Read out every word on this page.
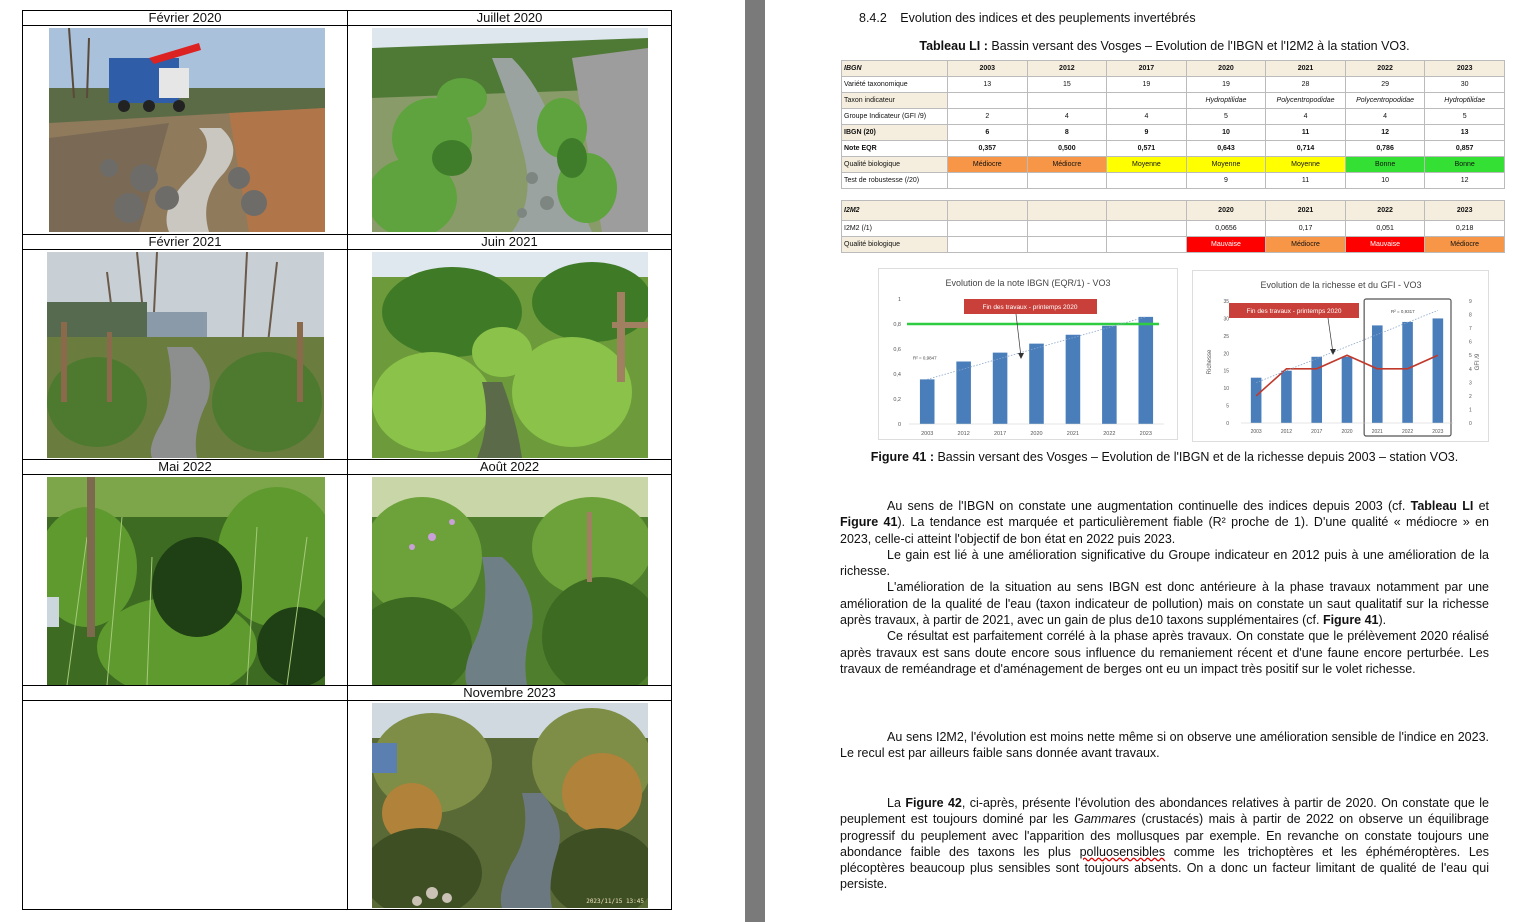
Février 2020	Juillet 2020

Février 2021	Juin 2021

Mai 2022	Août 2022

	Novembre 2023

	2023/11/15 13:45
8.4.2 Evolution des indices et des peuplements invertébrés
Tableau LI : Bassin versant des Vosges – Evolution de l'IBGN et l'I2M2 à la station VO3.
IBGN	2003	2012	2017	2020	2021	2022	2023
Variété taxonomique	13	15	19	19	28	29	30
Taxon indicateur				Hydroptilidae	Polycentropodidae	Polycentropodidae	Hydroptilidae
Groupe Indicateur (GFI /9)	2	4	4	5	4	4	5
IBGN (20)	6	8	9	10	11	12	13
Note EQR	0,357	0,500	0,571	0,643	0,714	0,786	0,857
Qualité biologique	Médiocre	Médiocre	Moyenne	Moyenne	Moyenne	Bonne	Bonne
Test de robustesse (/20)				9	11	10	12
I2M2				2020	2021	2022	2023
I2M2 (/1)				0,0656	0,17	0,051	0,218
Qualité biologique				Mauvaise	Médiocre	Mauvaise	Médiocre
Evolution de la note IBGN (EQR/1) - VO3
0
0,2
0,4
0,6
0,8
1
2003	2012	2017	2020	2021	2022	2023
R² = 0,9847
Fin des travaux - printemps 2020
Evolution de la richesse et du GFI - VO3
0
5
10
15
20
25
30
35
0
1
2
3
4
5
6
7
8
9
Richesse	GFI /9
2003	2012	2017	2020	2021	2022	2023
R² = 0,9317
Fin des travaux - printemps 2020
Figure 41 : Bassin versant des Vosges – Evolution de l'IBGN et de la richesse depuis 2003 – station VO3.

Au sens de l'IBGN on constate une augmentation continuelle des indices depuis 2003 (cf. Tableau LI et Figure 41). La tendance est marquée et particulièrement fiable (R² proche de 1). D'une qualité « médiocre » en 2023, celle-ci atteint l'objectif de bon état en 2022 puis 2023.

Le gain est lié à une amélioration significative du Groupe indicateur en 2012 puis à une amélioration de la richesse.

L'amélioration de la situation au sens IBGN est donc antérieure à la phase travaux notamment par une amélioration de la qualité de l'eau (taxon indicateur de pollution) mais on constate un saut qualitatif sur la richesse après travaux, à partir de 2021, avec un gain de plus de10 taxons supplémentaires (cf. Figure 41).

Ce résultat est parfaitement corrélé à la phase après travaux. On constate que le prélèvement 2020 réalisé après travaux est sans doute encore sous influence du remaniement récent et d'une faune encore perturbée. Les travaux de reméandrage et d'aménagement de berges ont eu un impact très positif sur le volet richesse.

Au sens I2M2, l'évolution est moins nette même si on observe une amélioration sensible de l'indice en 2023. Le recul est par ailleurs faible sans donnée avant travaux.

La Figure 42, ci-après, présente l'évolution des abondances relatives à partir de 2020. On constate que le peuplement est toujours dominé par les Gammares (crustacés) mais à partir de 2022 on observe un équilibrage progressif du peuplement avec l'apparition des mollusques par exemple. En revanche on constate toujours une abondance faible des taxons les plus polluosensibles comme les trichoptères et les éphéméroptères. Les plécoptères beaucoup plus sensibles sont toujours absents. On a donc un facteur limitant de qualité de l'eau qui persiste.
